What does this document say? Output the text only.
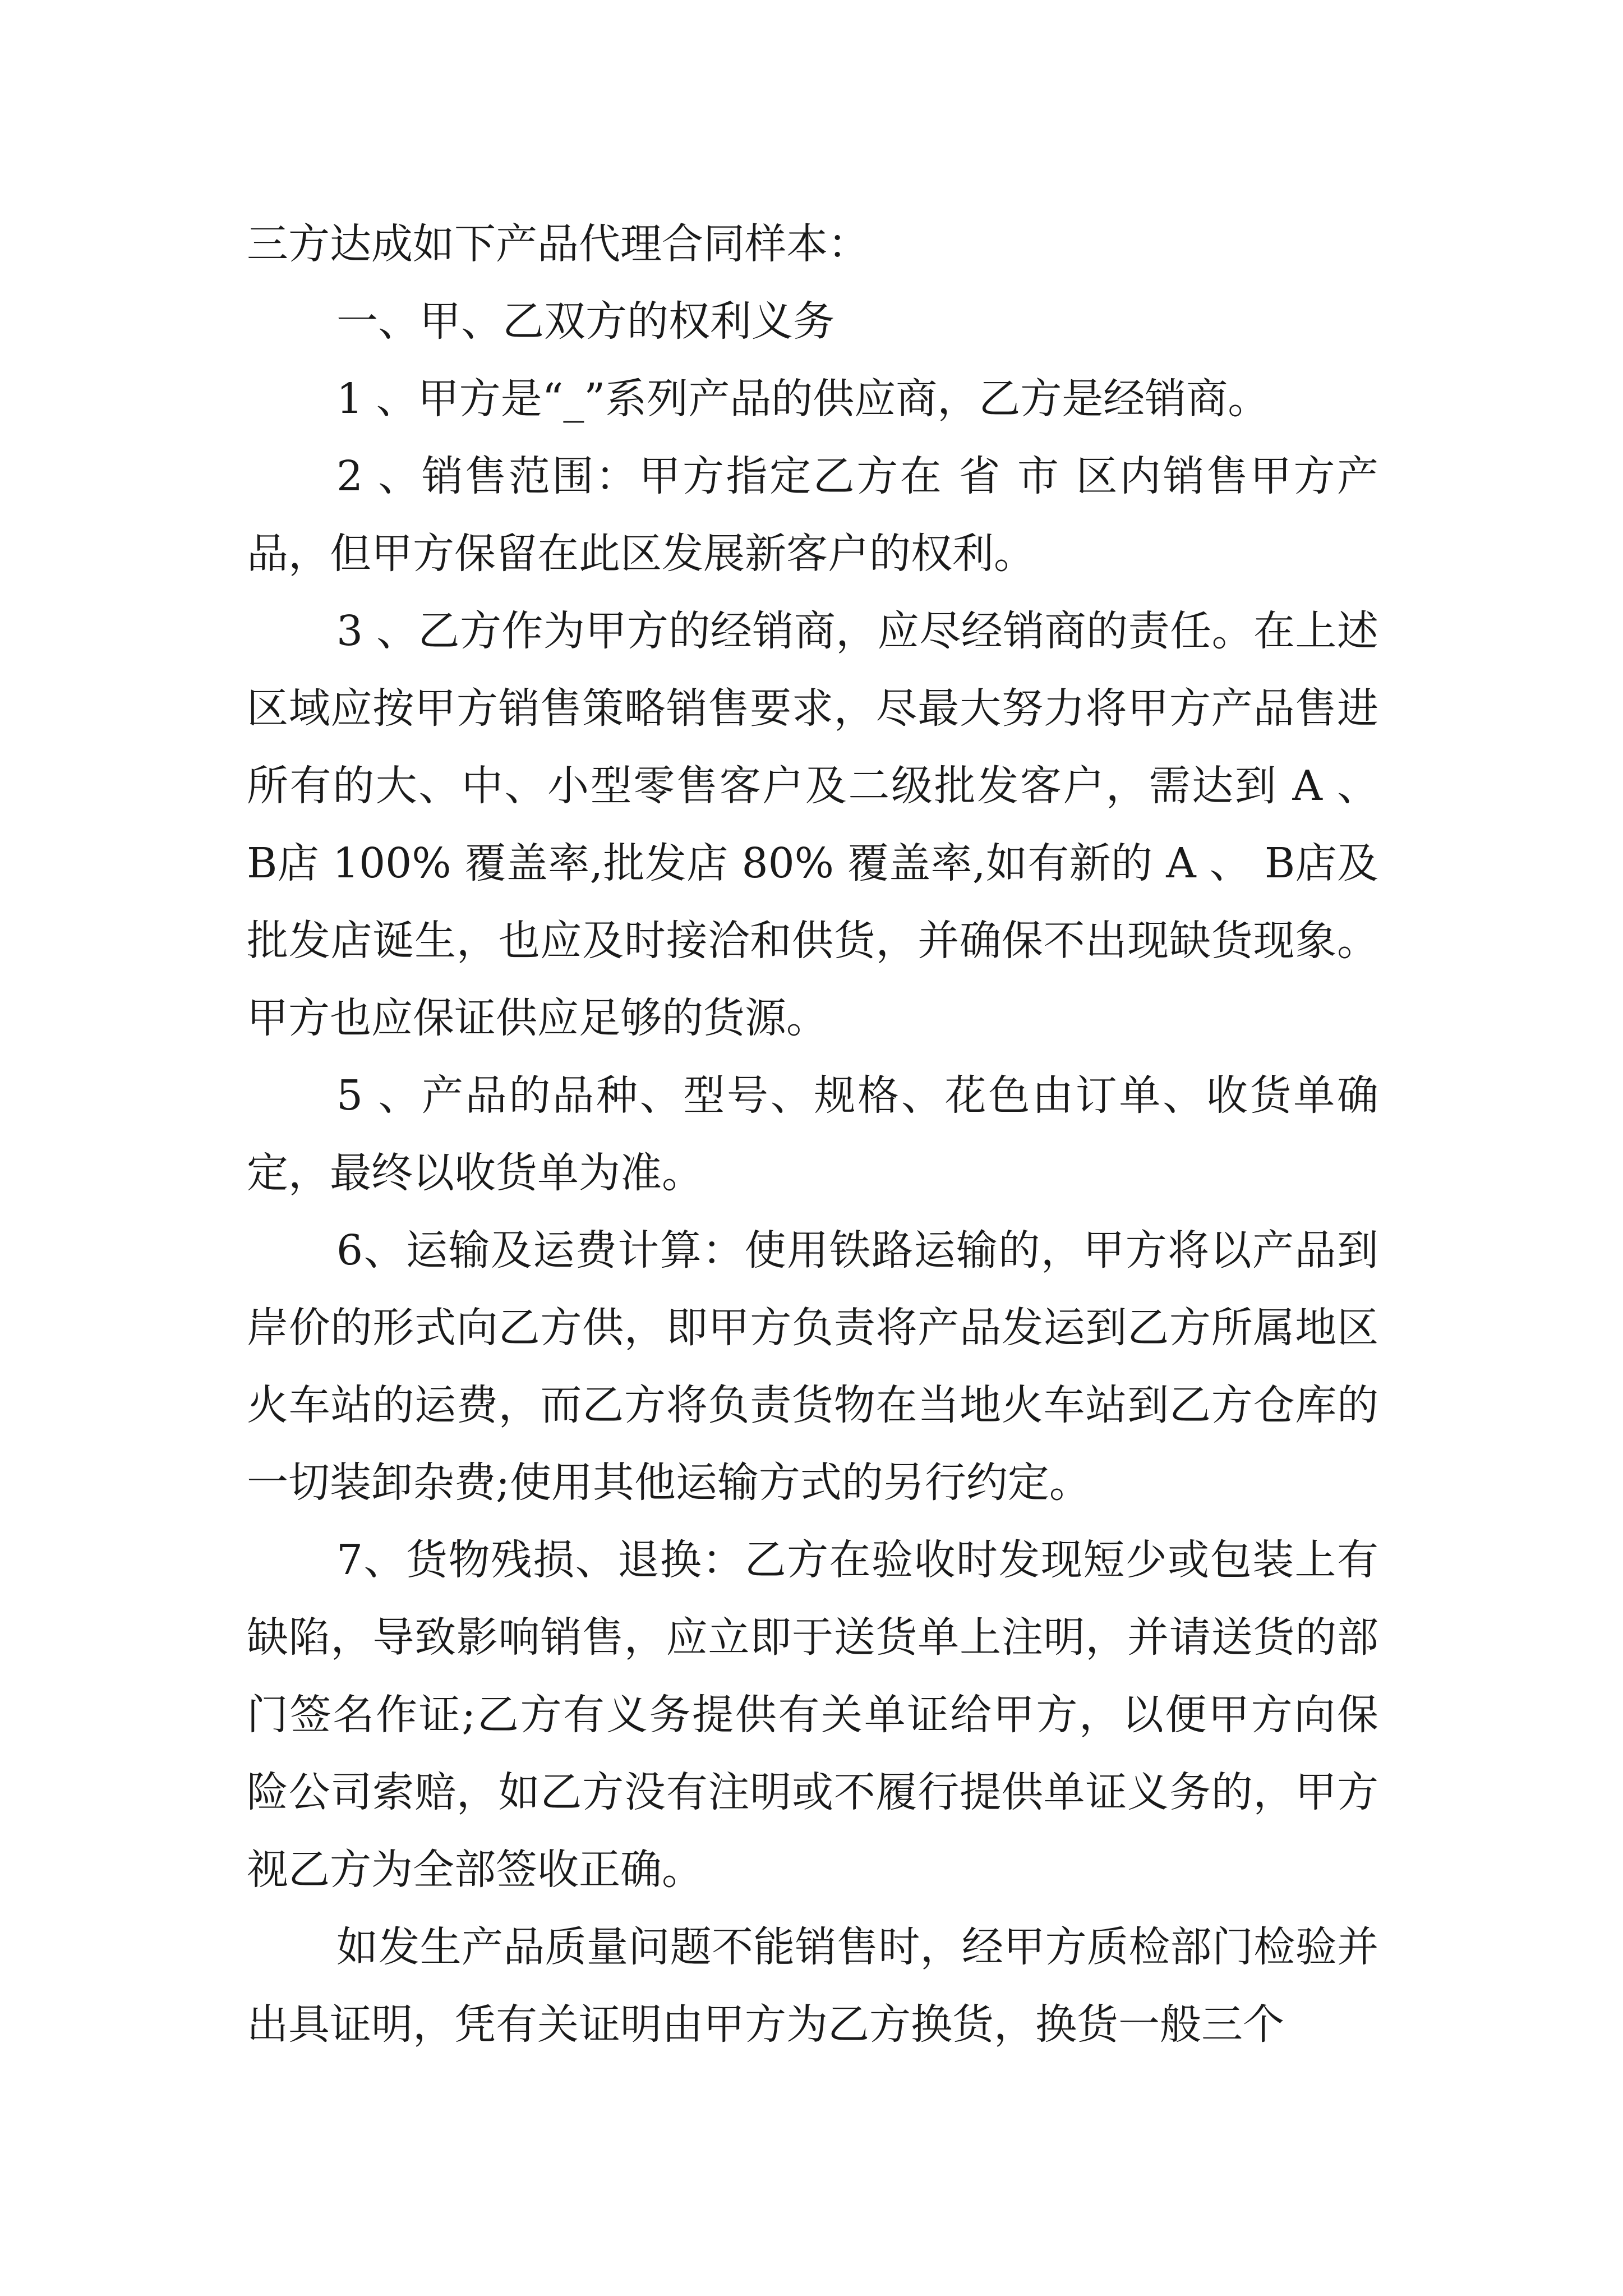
三方达成如下产品代理合同样本：

一、甲、乙双方的权利义务

1 、甲方是“_”系列产品的供应商，乙方是经销商。

2 、销售范围：甲方指定乙方在 省 市 区内销售甲方产品，但甲方保留在此区发展新客户的权利。

3 、乙方作为甲方的经销商，应尽经销商的责任。在上述区域应按甲方销售策略销售要求，尽最大努力将甲方产品售进所有的大、中、小型零售客户及二级批发客户，需达到 A 、 B店 100% 覆盖率,批发店 80% 覆盖率,如有新的 A 、 B店及批发店诞生，也应及时接洽和供货，并确保不出现缺货现象。甲方也应保证供应足够的货源。

5 、产品的品种、型号、规格、花色由订单、收货单确定，最终以收货单为准。

6、运输及运费计算：使用铁路运输的，甲方将以产品到岸价的形式向乙方供，即甲方负责将产品发运到乙方所属地区火车站的运费，而乙方将负责货物在当地火车站到乙方仓库的一切装卸杂费;使用其他运输方式的另行约定。

7、货物残损、退换：乙方在验收时发现短少或包装上有缺陷，导致影响销售，应立即于送货单上注明，并请送货的部门签名作证;乙方有义务提供有关单证给甲方，以便甲方向保险公司索赔，如乙方没有注明或不履行提供单证义务的，甲方视乙方为全部签收正确。

如发生产品质量问题不能销售时，经甲方质检部门检验并出具证明，凭有关证明由甲方为乙方换货，换货一般三个
